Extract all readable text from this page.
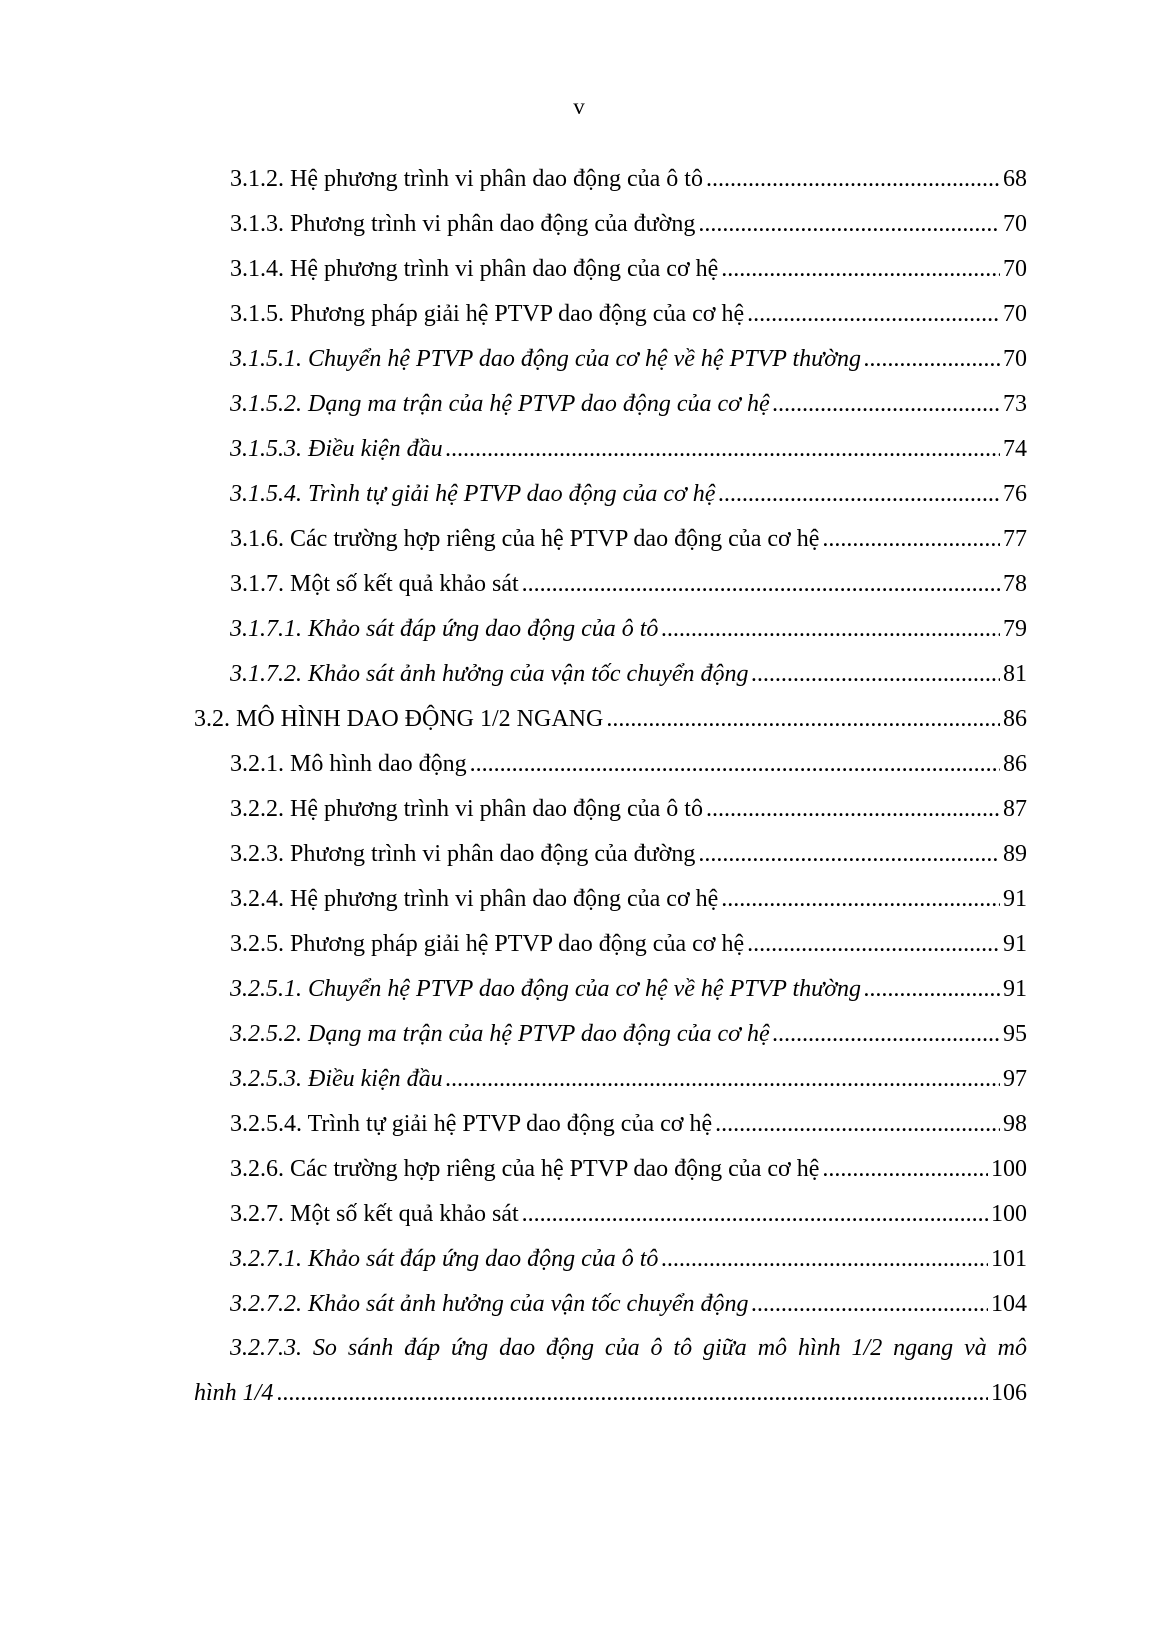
v
3.1.2. Hệ phương trình vi phân dao động của ô tô .....	68
3.1.3. Phương trình vi phân dao động của đường .....	70
3.1.4. Hệ phương trình vi phân dao động của cơ hệ .....	70
3.1.5. Phương pháp giải hệ PTVP dao động của cơ hệ .....	70
3.1.5.1. Chuyển hệ PTVP dao động của cơ hệ về hệ PTVP thường .....	70
3.1.5.2. Dạng ma trận của hệ PTVP dao động của cơ hệ .....	73
3.1.5.3. Điều kiện đầu .....	74
3.1.5.4. Trình tự giải hệ PTVP dao động của cơ hệ .....	76
3.1.6. Các trường hợp riêng của hệ PTVP dao động của cơ hệ .....	77
3.1.7. Một số kết quả khảo sát .....	78
3.1.7.1. Khảo sát đáp ứng dao động của ô tô .....	79
3.1.7.2. Khảo sát ảnh hưởng của vận tốc chuyển động .....	81
3.2. MÔ HÌNH DAO ĐỘNG 1/2 NGANG .....	86
3.2.1. Mô hình dao động .....	86
3.2.2. Hệ phương trình vi phân dao động của ô tô .....	87
3.2.3. Phương trình vi phân dao động của đường .....	89
3.2.4. Hệ phương trình vi phân dao động của cơ hệ .....	91
3.2.5. Phương pháp giải hệ PTVP dao động của cơ hệ .....	91
3.2.5.1. Chuyển hệ PTVP dao động của cơ hệ về hệ PTVP thường .....	91
3.2.5.2. Dạng ma trận của hệ PTVP dao động của cơ hệ .....	95
3.2.5.3. Điều kiện đầu .....	97
3.2.5.4. Trình tự giải hệ PTVP dao động của cơ hệ .....	98
3.2.6. Các trường hợp riêng của hệ PTVP dao động của cơ hệ .....	100
3.2.7. Một số kết quả khảo sát .....	100
3.2.7.1. Khảo sát đáp ứng dao động của ô tô .....	101
3.2.7.2. Khảo sát ảnh hưởng của vận tốc chuyển động .....	104
3.2.7.3. So sánh đáp ứng dao động của ô tô giữa mô hình 1/2 ngang và mô
hình 1/4 .....	106
